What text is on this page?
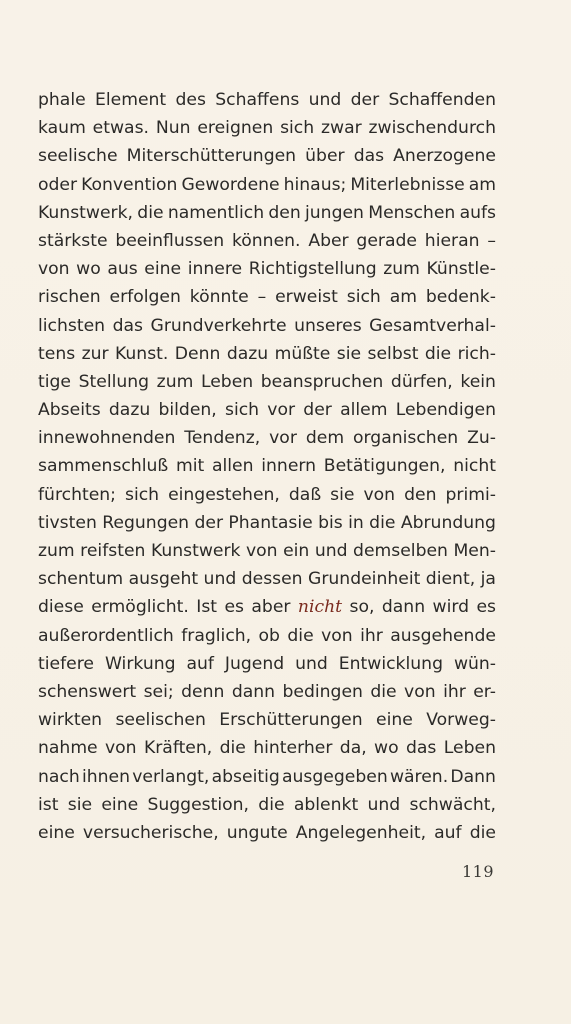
phale Element des Schaffens und der Schaffenden
kaum etwas. Nun ereignen sich zwar zwischendurch
seelische Miterschütterungen über das Anerzogene
oder Konvention Gewordene hinaus; Miterlebnisse am
Kunstwerk, die namentlich den jungen Menschen aufs
stärkste beeinflussen können. Aber gerade hieran –
von wo aus eine innere Richtigstellung zum Künstle-
rischen erfolgen könnte – erweist sich am bedenk-
lichsten das Grundverkehrte unseres Gesamtverhal-
tens zur Kunst. Denn dazu müßte sie selbst die rich-
tige Stellung zum Leben beanspruchen dürfen, kein
Abseits dazu bilden, sich vor der allem Lebendigen
innewohnenden Tendenz, vor dem organischen Zu-
sammenschluß mit allen innern Betätigungen, nicht
fürchten; sich eingestehen, daß sie von den primi-
tivsten Regungen der Phantasie bis in die Abrundung
zum reifsten Kunstwerk von ein und demselben Men-
schentum ausgeht und dessen Grundeinheit dient, ja
diese ermöglicht. Ist es aber nicht so, dann wird es
außerordentlich fraglich, ob die von ihr ausgehende
tiefere Wirkung auf Jugend und Entwicklung wün-
schenswert sei; denn dann bedingen die von ihr er-
wirkten seelischen Erschütterungen eine Vorweg-
nahme von Kräften, die hinterher da, wo das Leben
nach ihnen verlangt, abseitig ausgegeben wären. Dann
ist sie eine Suggestion, die ablenkt und schwächt,
eine versucherische, ungute Angelegenheit, auf die
119
